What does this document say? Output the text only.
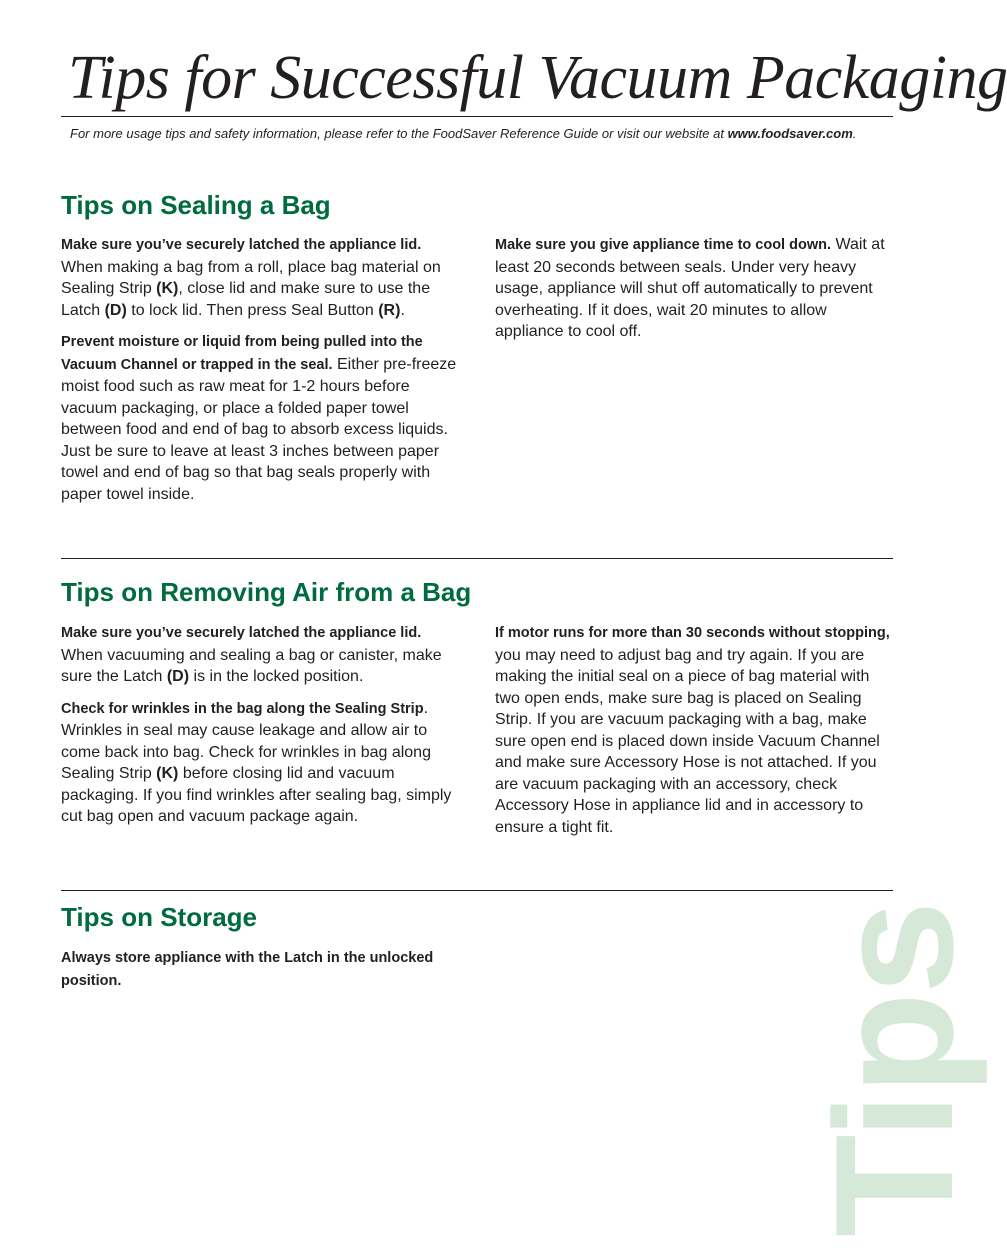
Tips for Successful Vacuum Packaging
For more usage tips and safety information, please refer to the FoodSaver Reference Guide or visit our website at www.foodsaver.com.
Tips on Sealing a Bag

Make sure you’ve securely latched the appliance lid. When making a bag from a roll, place bag material on Sealing Strip (K), close lid and make sure to use the Latch (D) to lock lid. Then press Seal Button (R).

Prevent moisture or liquid from being pulled into the Vacuum Channel or trapped in the seal. Either pre-freeze moist food such as raw meat for 1-2 hours before vacuum packaging, or place a folded paper towel between food and end of bag to absorb excess liquids. Just be sure to leave at least 3 inches between paper towel and end of bag so that bag seals properly with paper towel inside.

Make sure you give appliance time to cool down. Wait at least 20 seconds between seals. Under very heavy usage, appliance will shut off automatically to prevent overheating. If it does, wait 20 minutes to allow appliance to cool off.

Tips on Removing Air from a Bag

Make sure you’ve securely latched the appliance lid. When vacuuming and sealing a bag or canister, make sure the Latch (D) is in the locked position.

Check for wrinkles in the bag along the Sealing Strip. Wrinkles in seal may cause leakage and allow air to come back into bag. Check for wrinkles in bag along Sealing Strip (K) before closing lid and vacuum packaging. If you find wrinkles after sealing bag, simply cut bag open and vacuum package again.

If motor runs for more than 30 seconds without stopping, you may need to adjust bag and try again. If you are making the initial seal on a piece of bag material with two open ends, make sure bag is placed on Sealing Strip. If you are vacuum packaging with a bag, make sure open end is placed down inside Vacuum Channel and make sure Accessory Hose is not attached. If you are vacuum packaging with an accessory, check Accessory Hose in appliance lid and in accessory to ensure a tight fit.

Tips on Storage

Always store appliance with the Latch in the unlocked position.	Tips
